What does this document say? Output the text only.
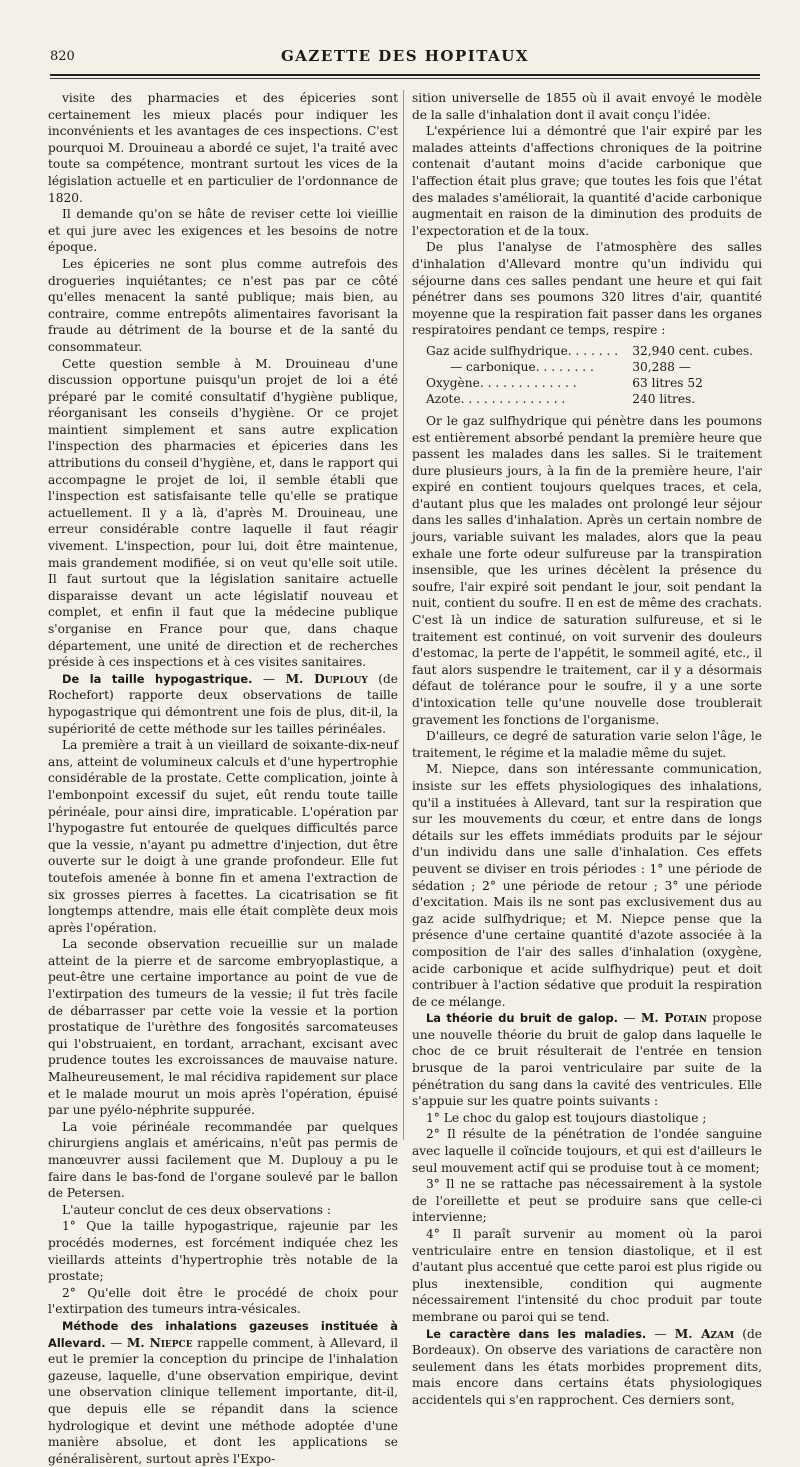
820	GAZETTE DES HOPITAUX

visite des pharmacies et des épiceries sont certainement les mieux placés pour indiquer les inconvénients et les avantages de ces inspections. C'est pourquoi M. Drouineau a abordé ce sujet, l'a traité avec toute sa compétence, montrant surtout les vices de la législation actuelle et en particulier de l'ordonnance de 1820.

Il demande qu'on se hâte de reviser cette loi vieillie et qui jure avec les exigences et les besoins de notre époque.

Les épiceries ne sont plus comme autrefois des drogueries inquiétantes; ce n'est pas par ce côté qu'elles menacent la santé publique; mais bien, au contraire, comme entrepôts alimentaires favorisant la fraude au détriment de la bourse et de la santé du consommateur.

Cette question semble à M. Drouineau d'une discussion opportune puisqu'un projet de loi a été préparé par le comité consultatif d'hygiène publique, réorganisant les conseils d'hygiène. Or ce projet maintient simplement et sans autre explication l'inspection des pharmacies et épiceries dans les attributions du conseil d'hygiène, et, dans le rapport qui accompagne le projet de loi, il semble établi que l'inspection est satisfaisante telle qu'elle se pratique actuellement. Il y a là, d'après M. Drouineau, une erreur considérable contre laquelle il faut réagir vivement. L'inspection, pour lui, doit être maintenue, mais grandement modifiée, si on veut qu'elle soit utile. Il faut surtout que la législation sanitaire actuelle disparaisse devant un acte législatif nouveau et complet, et enfin il faut que la médecine publique s'organise en France pour que, dans chaque département, une unité de direction et de recherches préside à ces inspections et à ces visites sanitaires.

De la taille hypogastrique. — M. Duplouy (de Rochefort) rapporte deux observations de taille hypogastrique qui démontrent une fois de plus, dit-il, la supériorité de cette méthode sur les tailles périnéales.

La première a trait à un vieillard de soixante-dix-neuf ans, atteint de volumineux calculs et d'une hypertrophie considérable de la prostate. Cette complication, jointe à l'embonpoint excessif du sujet, eût rendu toute taille périnéale, pour ainsi dire, impraticable. L'opération par l'hypogastre fut entourée de quelques difficultés parce que la vessie, n'ayant pu admettre d'injection, dut être ouverte sur le doigt à une grande profondeur. Elle fut toutefois amenée à bonne fin et amena l'extraction de six grosses pierres à facettes. La cicatrisation se fit longtemps attendre, mais elle était complète deux mois après l'opération.

La seconde observation recueillie sur un malade atteint de la pierre et de sarcome embryoplastique, a peut-être une certaine importance au point de vue de l'extirpation des tumeurs de la vessie; il fut très facile de débarrasser par cette voie la vessie et la portion prostatique de l'urèthre des fongosités sarcomateuses qui l'obstruaient, en tordant, arrachant, excisant avec prudence toutes les excroissances de mauvaise nature. Malheureusement, le mal récidiva rapidement sur place et le malade mourut un mois après l'opération, épuisé par une pyélo-néphrite suppurée.

La voie périnéale recommandée par quelques chirurgiens anglais et américains, n'eût pas permis de manœuvrer aussi facilement que M. Duplouy a pu le faire dans le bas-fond de l'organe soulevé par le ballon de Petersen.

L'auteur conclut de ces deux observations :

1° Que la taille hypogastrique, rajeunie par les procédés modernes, est forcément indiquée chez les vieillards atteints d'hypertrophie très notable de la prostate;

2° Qu'elle doit être le procédé de choix pour l'extirpation des tumeurs intra-vésicales.

Méthode des inhalations gazeuses instituée à Allevard. — M. Niepce rappelle comment, à Allevard, il eut le premier la conception du principe de l'inhalation gazeuse, laquelle, d'une observation empirique, devint une observation clinique tellement importante, dit-il, que depuis elle se répandit dans la science hydrologique et devint une méthode adoptée d'une manière absolue, et dont les applications se généralisèrent, surtout après l'Expo-

sition universelle de 1855 où il avait envoyé le modèle de la salle d'inhalation dont il avait conçu l'idée.

L'expérience lui a démontré que l'air expiré par les malades atteints d'affections chroniques de la poitrine contenait d'autant moins d'acide carbonique que l'affection était plus grave; que toutes les fois que l'état des malades s'améliorait, la quantité d'acide carbonique augmentait en raison de la diminution des produits de l'expectoration et de la toux.

De plus l'analyse de l'atmosphère des salles d'inhalation d'Allevard montre qu'un individu qui séjourne dans ces salles pendant une heure et qui fait pénétrer dans ses poumons 320 litres d'air, quantité moyenne que la respiration fait passer dans les organes respiratoires pendant ce temps, respire :

Gaz acide sulfhydrique. . . . . . .	32,940 cent. cubes.
— carbonique. . . . . . . .	30,288 —
Oxygène. . . . . . . . . . . . .	63 litres 52
Azote. . . . . . . . . . . . . .	240 litres.

Or le gaz sulfhydrique qui pénètre dans les poumons est entièrement absorbé pendant la première heure que passent les malades dans les salles. Si le traitement dure plusieurs jours, à la fin de la première heure, l'air expiré en contient toujours quelques traces, et cela, d'autant plus que les malades ont prolongé leur séjour dans les salles d'inhalation. Après un certain nombre de jours, variable suivant les malades, alors que la peau exhale une forte odeur sulfureuse par la transpiration insensible, que les urines décèlent la présence du soufre, l'air expiré soit pendant le jour, soit pendant la nuit, contient du soufre. Il en est de même des crachats. C'est là un indice de saturation sulfureuse, et si le traitement est continué, on voit survenir des douleurs d'estomac, la perte de l'appétit, le sommeil agité, etc., il faut alors suspendre le traitement, car il y a désormais défaut de tolérance pour le soufre, il y a une sorte d'intoxication telle qu'une nouvelle dose troublerait gravement les fonctions de l'organisme.

D'ailleurs, ce degré de saturation varie selon l'âge, le traitement, le régime et la maladie même du sujet.

M. Niepce, dans son intéressante communication, insiste sur les effets physiologiques des inhalations, qu'il a instituées à Allevard, tant sur la respiration que sur les mouvements du cœur, et entre dans de longs détails sur les effets immédiats produits par le séjour d'un individu dans une salle d'inhalation. Ces effets peuvent se diviser en trois périodes : 1° une période de sédation ; 2° une période de retour ; 3° une période d'excitation. Mais ils ne sont pas exclusivement dus au gaz acide sulfhydrique; et M. Niepce pense que la présence d'une certaine quantité d'azote associée à la composition de l'air des salles d'inhalation (oxygène, acide carbonique et acide sulfhydrique) peut et doit contribuer à l'action sédative que produit la respiration de ce mélange.

La théorie du bruit de galop. — M. Potain propose une nouvelle théorie du bruit de galop dans laquelle le choc de ce bruit résulterait de l'entrée en tension brusque de la paroi ventriculaire par suite de la pénétration du sang dans la cavité des ventricules. Elle s'appuie sur les quatre points suivants :

1° Le choc du galop est toujours diastolique ;

2° Il résulte de la pénétration de l'ondée sanguine avec laquelle il coïncide toujours, et qui est d'ailleurs le seul mouvement actif qui se produise tout à ce moment;

3° Il ne se rattache pas nécessairement à la systole de l'oreillette et peut se produire sans que celle-ci intervienne;

4° Il paraît survenir au moment où la paroi ventriculaire entre en tension diastolique, et il est d'autant plus accentué que cette paroi est plus rigide ou plus inextensible, condition qui augmente nécessairement l'intensité du choc produit par toute membrane ou paroi qui se tend.

Le caractère dans les maladies. — M. Azam (de Bordeaux). On observe des variations de caractère non seulement dans les états morbides proprement dits, mais encore dans certains états physiologiques accidentels qui s'en rapprochent. Ces derniers sont,
